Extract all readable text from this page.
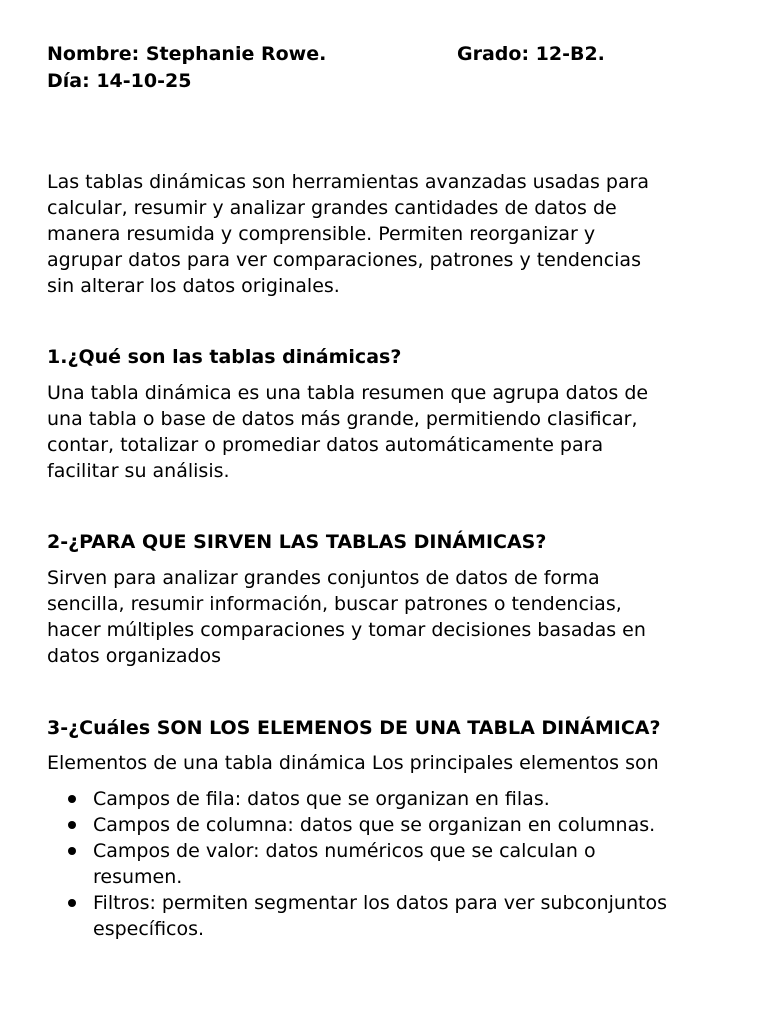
Nombre: Stephanie Rowe.	Grado: 12-B2.
Día: 14-10-25

Las tablas dinámicas son herramientas avanzadas usadas para
calcular, resumir y analizar grandes cantidades de datos de
manera resumida y comprensible. Permiten reorganizar y
agrupar datos para ver comparaciones, patrones y tendencias
sin alterar los datos originales.

1.¿Qué son las tablas dinámicas?

Una tabla dinámica es una tabla resumen que agrupa datos de
una tabla o base de datos más grande, permitiendo clasificar,
contar, totalizar o promediar datos automáticamente para
facilitar su análisis.

2-¿PARA QUE SIRVEN LAS TABLAS DINÁMICAS?

Sirven para analizar grandes conjuntos de datos de forma
sencilla, resumir información, buscar patrones o tendencias,
hacer múltiples comparaciones y tomar decisiones basadas en
datos organizados

3-¿Cuáles SON LOS ELEMENOS DE UNA TABLA DINÁMICA?

Elementos de una tabla dinámica Los principales elementos son

Campos de fila: datos que se organizan en filas.
Campos de columna: datos que se organizan en columnas.
Campos de valor: datos numéricos que se calculan o
resumen.
Filtros: permiten segmentar los datos para ver subconjuntos
específicos.
